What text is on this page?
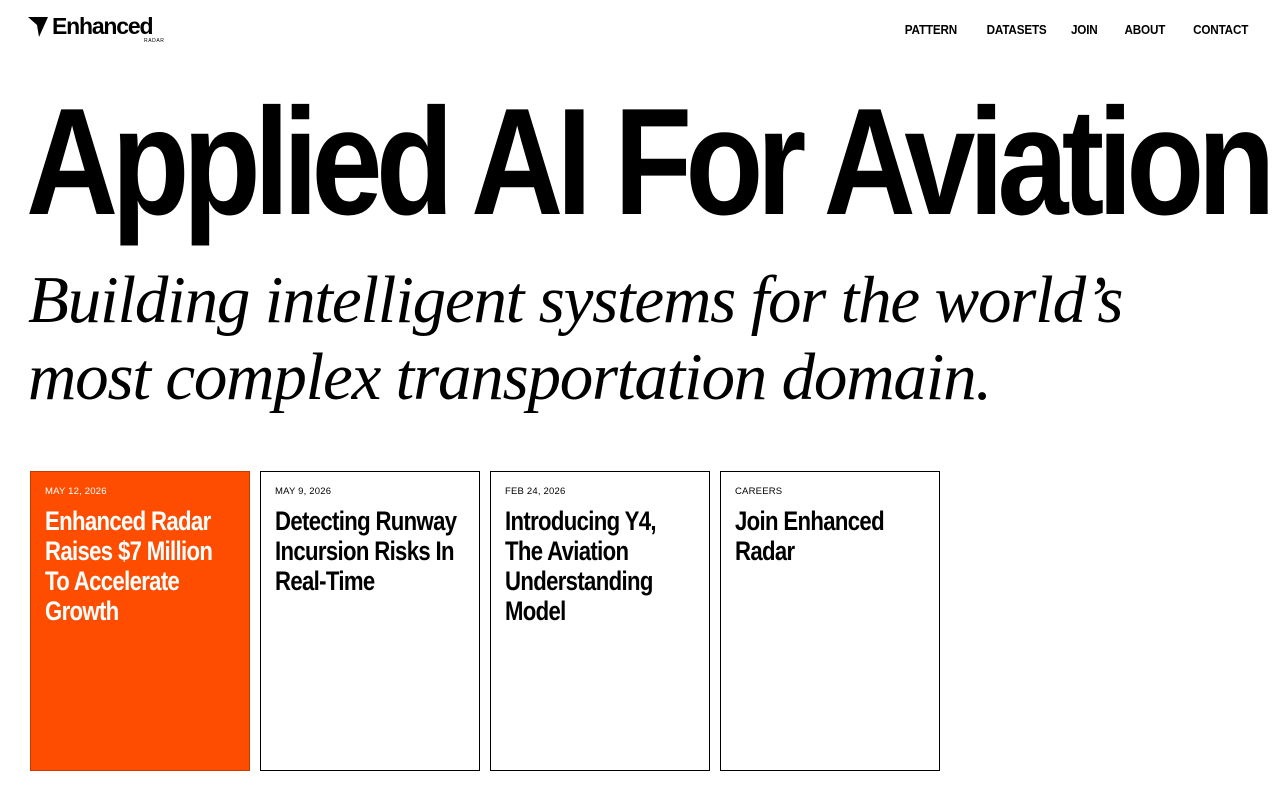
Enhanced
RADAR
PATTERN DATASETS JOIN ABOUT CONTACT
Applied AI For Aviation

Building intelligent systems for the world’s most complex transportation domain.

MAY 12, 2026
Enhanced Radar Raises $7 Million To Accelerate Growth
MAY 9, 2026
Detecting Runway Incursion Risks In Real-Time
FEB 24, 2026
Introducing Y4, The Aviation Understanding Model
CAREERS
Join Enhanced Radar
